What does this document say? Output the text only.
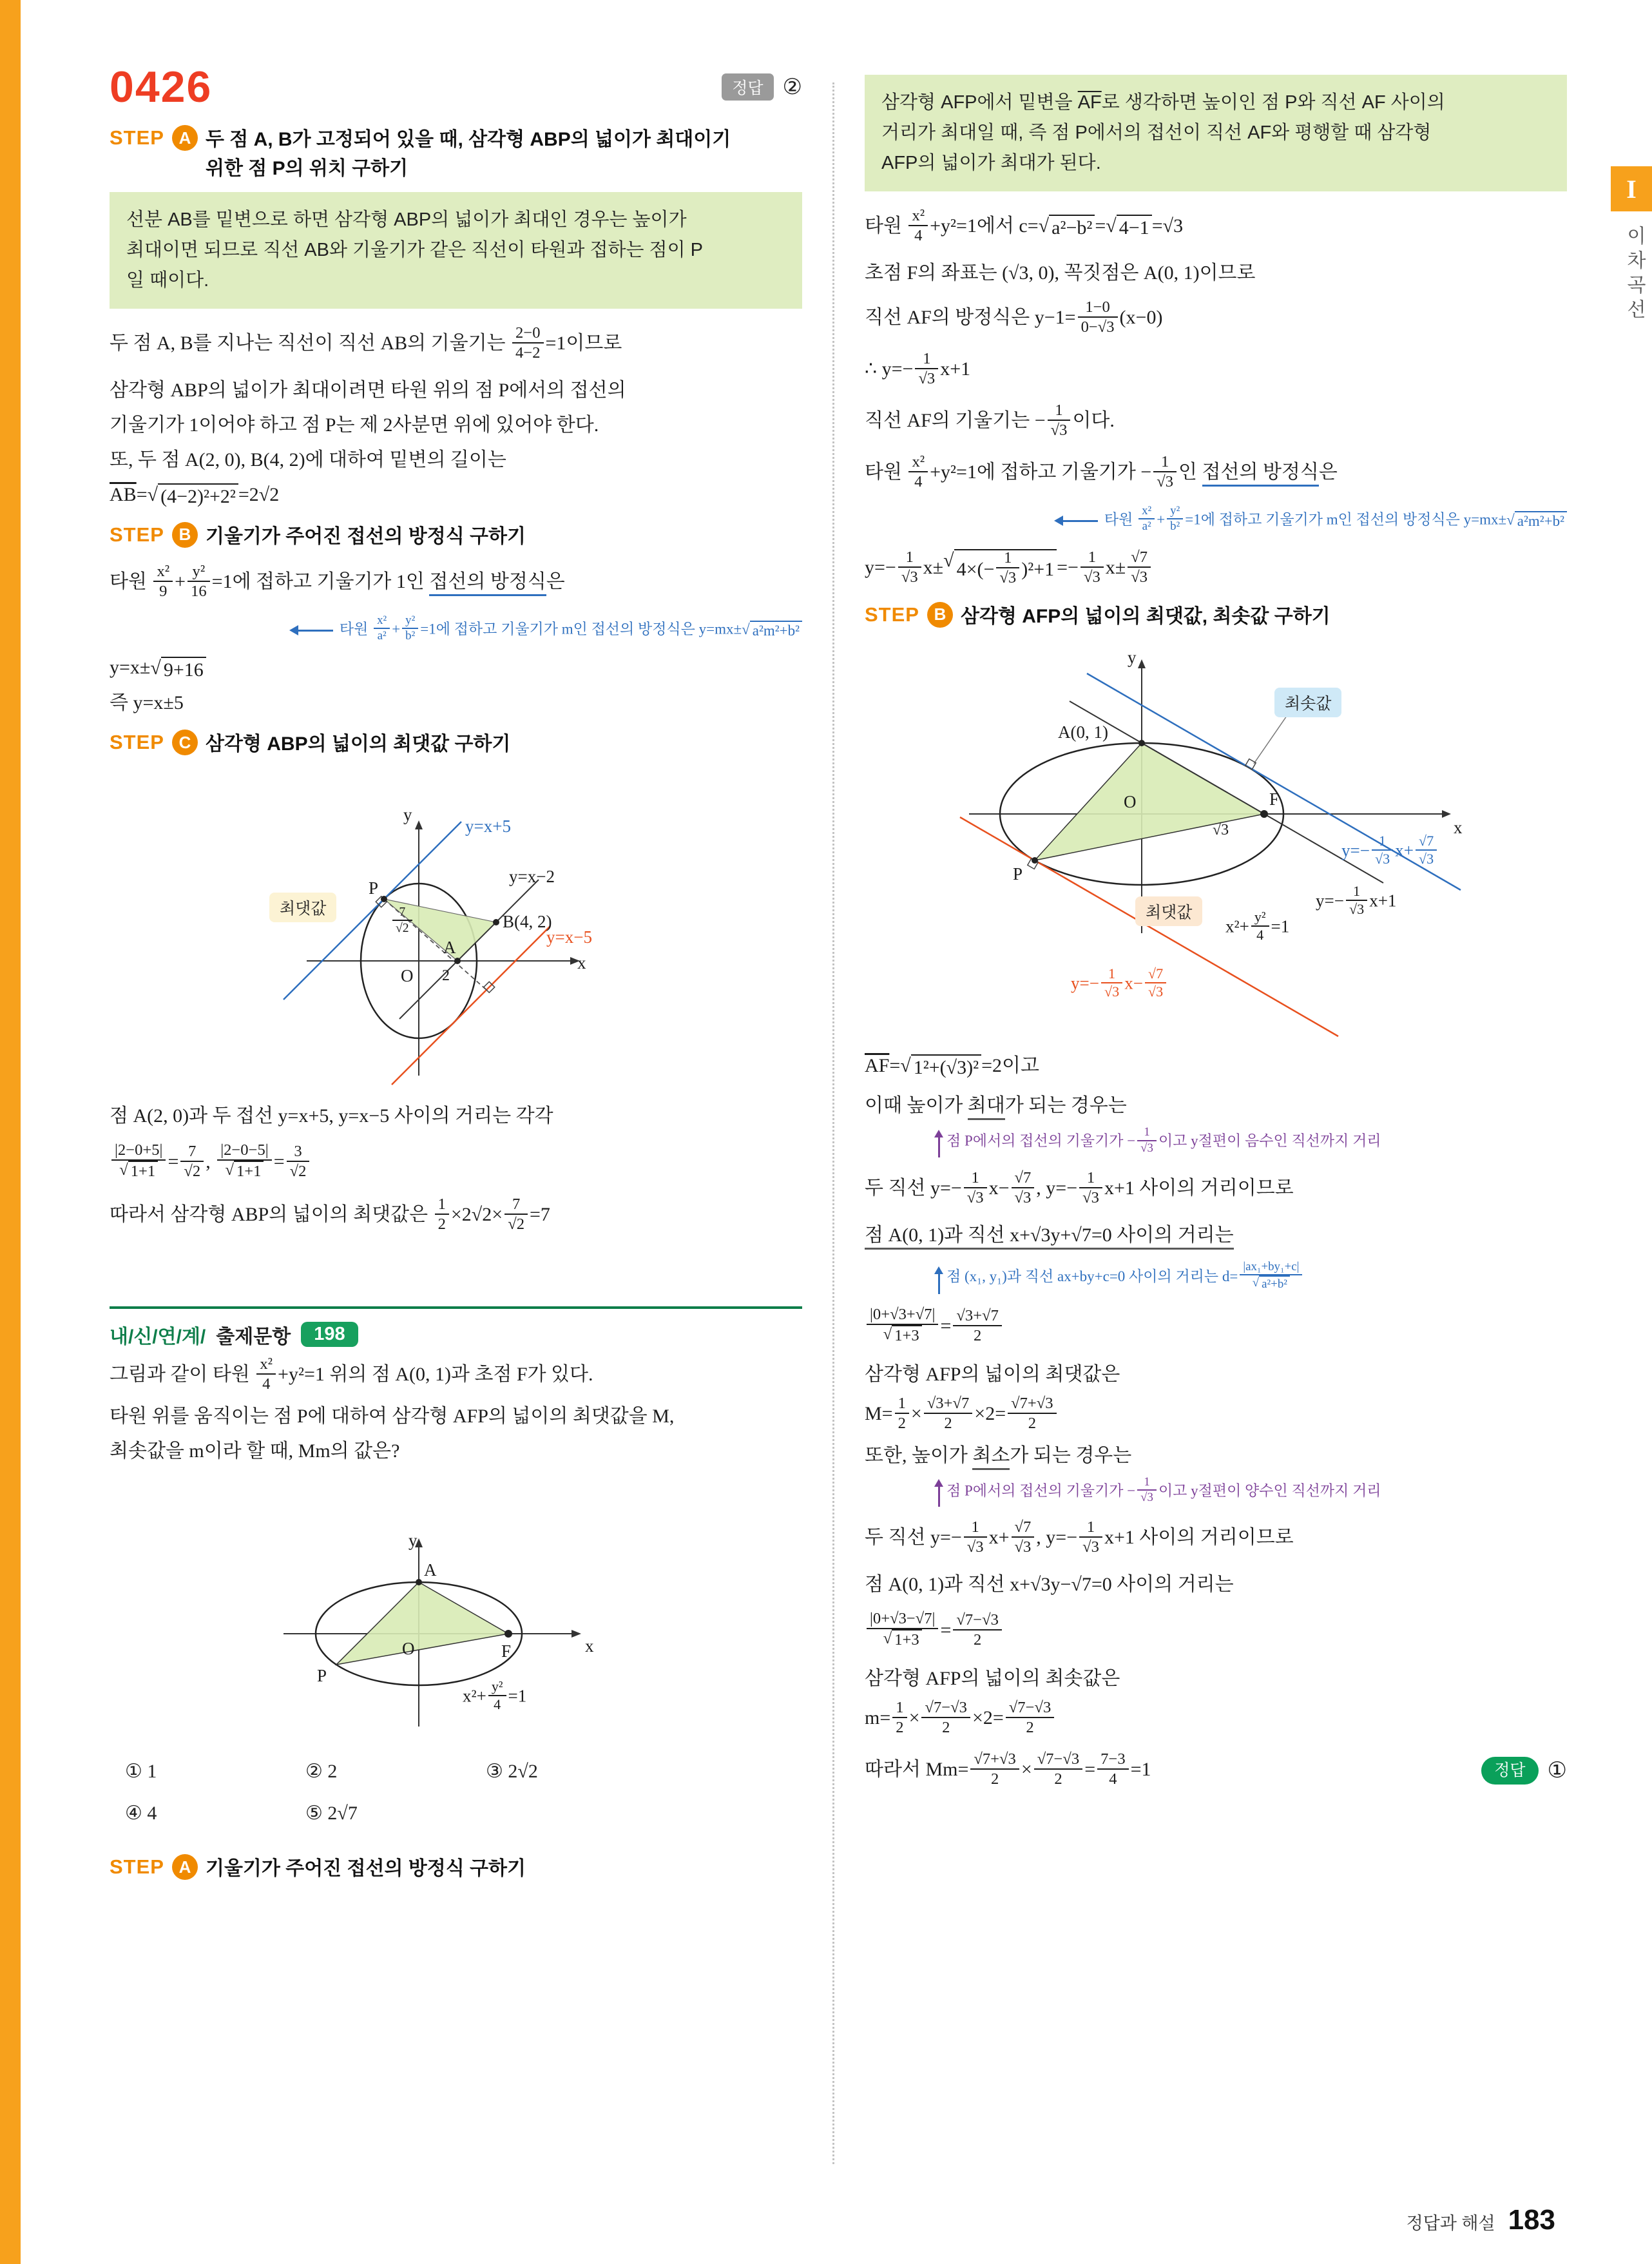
0426	정답 ②
STEP A 두 점 A, B가 고정되어 있을 때, 삼각형 ABP의 넓이가 최대이기
위한 점 P의 위치 구하기
선분 AB를 밑변으로 하면 삼각형 ABP의 넓이가 최대인 경우는 높이가
최대이면 되므로 직선 AB와 기울기가 같은 직선이 타원과 접하는 점이 P
일 때이다.
두 점 A, B를 지나는 직선이 직선 AB의 기울기는 $\frac{2-0}{4-2} =1$이므로
삼각형 ABP의 넓이가 최대이려면 타원 위의 점 P에서의 접선의
기울기가 1이어야 하고 점 P는 제 2사분면 위에 있어야 한다.
또, 두 점 A(2, 0), B(4, 2)에 대하여 밑변의 길이는
$\overline{AB}=$ √ (4−2)²+2² =2√2
STEP B 기울기가 주어진 접선의 방정식 구하기
타원 $\frac{\text{x²}}{9} + \frac{\text{y²}}{16} =1$에 접하고 기울기가 1인 접선의 방정식은
타원 $\frac{\text{x²}}{\text{a²}} + \frac{\text{y²}}{\text{b²}} =1$에 접하고 기울기가 m인 접선의 방정식은 y=mx± √ a²m²+b²
y=x± √ 9+16
즉 y=x±5
STEP C 삼각형 ABP의 넓이의 최댓값 구하기
y
x
y=x+5
y=x−2
y=x−5
최댓값
P
A
B(4, 2)
O
$\frac{7}{√2}$
2
점 A(2, 0)과 두 접선 y=x+5, y=x−5 사이의 거리는 각각
$\frac{|2-0+5|}{√ 1+1} = \frac{7}{√2}$ , $\frac{|2-0-5|}{√ 1+1} = \frac{3}{√2}$
따라서 삼각형 ABP의 넓이의 최댓값은 $\frac{1}{2} \times 2√2\times \frac{7}{√2} =7$
내/신/연/계/ 출제문항	198
그림과 같이 타원 $\frac{\text{x²}}{4} +y^2=1$ 위의 점 A(0, 1)과 초점 F가 있다.
타원 위를 움직이는 점 P에 대하여 삼각형 AFP의 넓이의 최댓값을 M,
최솟값을 m이라 할 때, Mm의 값은?
y
x
A
O	F
P
$x^2+ \frac{\text{y²}}{4} =1$
① 1	② 2	③ 2√2
④ 4	⑤ 2√7
STEP A 기울기가 주어진 접선의 방정식 구하기
삼각형 AFP에서 밑변을 $\overline{AF}$로 생각하면 높이인 점 P와 직선 AF 사이의
거리가 최대일 때, 즉 점 P에서의 접선이 직선 AF와 평행할 때 삼각형
AFP의 넓이가 최대가 된다.
타원 $\frac{\text{x²}}{4} +y^2=1$에서 c= √ a²−b² = √ 4−1 =√3
초점 F의 좌표는 (√3, 0), 꼭짓점은 A(0, 1)이므로
직선 AF의 방정식은 $y-1= \frac{1-0}{0-√3} (x-0)$
∴ $y=- \frac{1}{√3} x+1$
직선 AF의 기울기는 − $\frac{1}{√3}$ 이다.
타원 $\frac{\text{x²}}{4} +y^2=1$에 접하고 기울기가 − $\frac{1}{√3}$ 인 접선의 방정식은
타원 $\frac{\text{x²}}{\text{a²}} + \frac{\text{y²}}{\text{b²}} =1$에 접하고 기울기가 m인 접선의 방정식은 y=mx± √ a²m²+b²
$y=- \frac{1}{√3} x\pm$ √ 4×(−
1
√3 )$^2+1 =- \frac{1}{√3} x\pm \frac{√7}{√3}$
STEP B 삼각형 AFP의 넓이의 최댓값, 최솟값 구하기
y
x
A(0, 1)
O	F
√3
P
최솟값
최댓값
$x^2+ \frac{\text{y²}}{4} =1$
$y=- \frac{1}{√3} x+ \frac{√7}{√3}$
$y=- \frac{1}{√3} x+1$
$y=- \frac{1}{√3} x- \frac{√7}{√3}$
$\overline{AF}=$ √ 1²+(√3)² =2이고
이때 높이가 최대가 되는 경우는
점 P에서의 접선의 기울기가 − $\frac{1}{√3}$ 이고 y절편이 음수인 직선까지 거리
두 직선 $y=- \frac{1}{√3} x- \frac{√7}{√3}$ , $y=- \frac{1}{√3} x+1$ 사이의 거리이므로
점 A(0, 1)과 직선 x+√3y+√7=0 사이의 거리는
점 (x₁, y₁)과 직선 ax+by+c=0 사이의 거리는 $d= \frac{\text{|ax₁+by₁+c|}}{\text{√ a²+b²}}$
$\frac{|0+√3+√7|}{√ 1+3} = \frac{√3+√7}{2}$
삼각형 AFP의 넓이의 최댓값은
$M= \frac{1}{2} \times \frac{√3+√7}{2} \times 2= \frac{√7+√3}{2}$
또한, 높이가 최소가 되는 경우는
점 P에서의 접선의 기울기가 − $\frac{1}{√3}$ 이고 y절편이 양수인 직선까지 거리
두 직선 $y=- \frac{1}{√3} x+ \frac{√7}{√3}$ , $y=- \frac{1}{√3} x+1$ 사이의 거리이므로
점 A(0, 1)과 직선 x+√3y−√7=0 사이의 거리는
$\frac{|0+√3-√7|}{√ 1+3} = \frac{√7-√3}{2}$
삼각형 AFP의 넓이의 최솟값은
$m= \frac{1}{2} \times \frac{√7-√3}{2} \times 2= \frac{√7-√3}{2}$
따라서 $Mm= \frac{√7+√3}{2} \times \frac{√7-√3}{2} = \frac{7-3}{4} =1$	정답	①
I
이차곡선
정답과 해설 183
